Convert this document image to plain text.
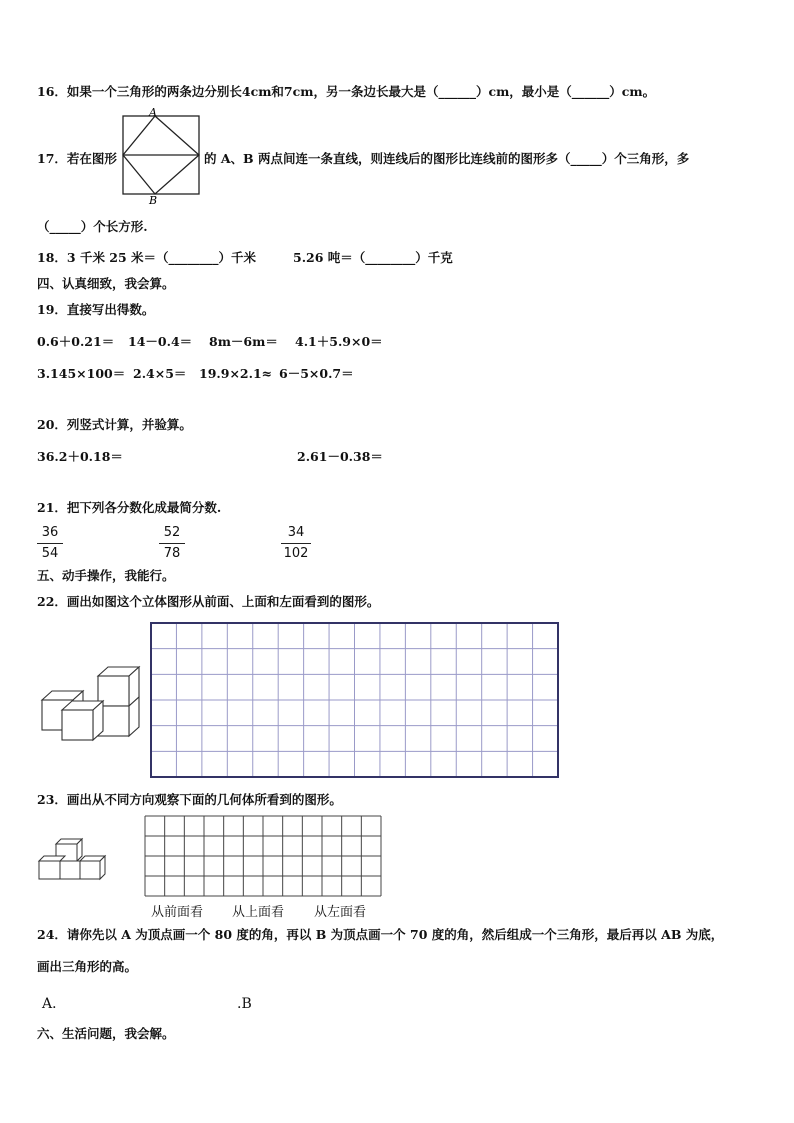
16．如果一个三角形的两条边分别长4cm和7cm，另一条边长最大是（______）cm，最小是（______）cm。
17．若在图形
A
B
的 A、B 两点间连一条直线，则连线后的图形比连线前的图形多（_____）个三角形，多
（_____）个长方形.
18．3 千米 25 米＝（________）千米	5.26 吨＝（________）千克
四、认真细致，我会算。
19．直接写出得数。
0.6＋0.21＝ 14－0.4＝ 8m－6m＝ 4.1＋5.9×0＝
3.145×100＝ 2.4×5＝ 19.9×2.1≈ 6－5×0.7＝
20．列竖式计算，并验算。
36.2＋0.18＝	2.61－0.38＝
21．把下列各分数化成最简分数.
36
54
52
78
34
102
五、动手操作，我能行。
22．画出如图这个立体图形从前面、上面和左面看到的图形。
23．画出从不同方向观察下面的几何体所看到的图形。
从前面看 从上面看 从左面看
24．请你先以 A 为顶点画一个 80 度的角，再以 B 为顶点画一个 70 度的角，然后组成一个三角形，最后再以 AB 为底，
画出三角形的高。
A．	.B
六、生活问题，我会解。
